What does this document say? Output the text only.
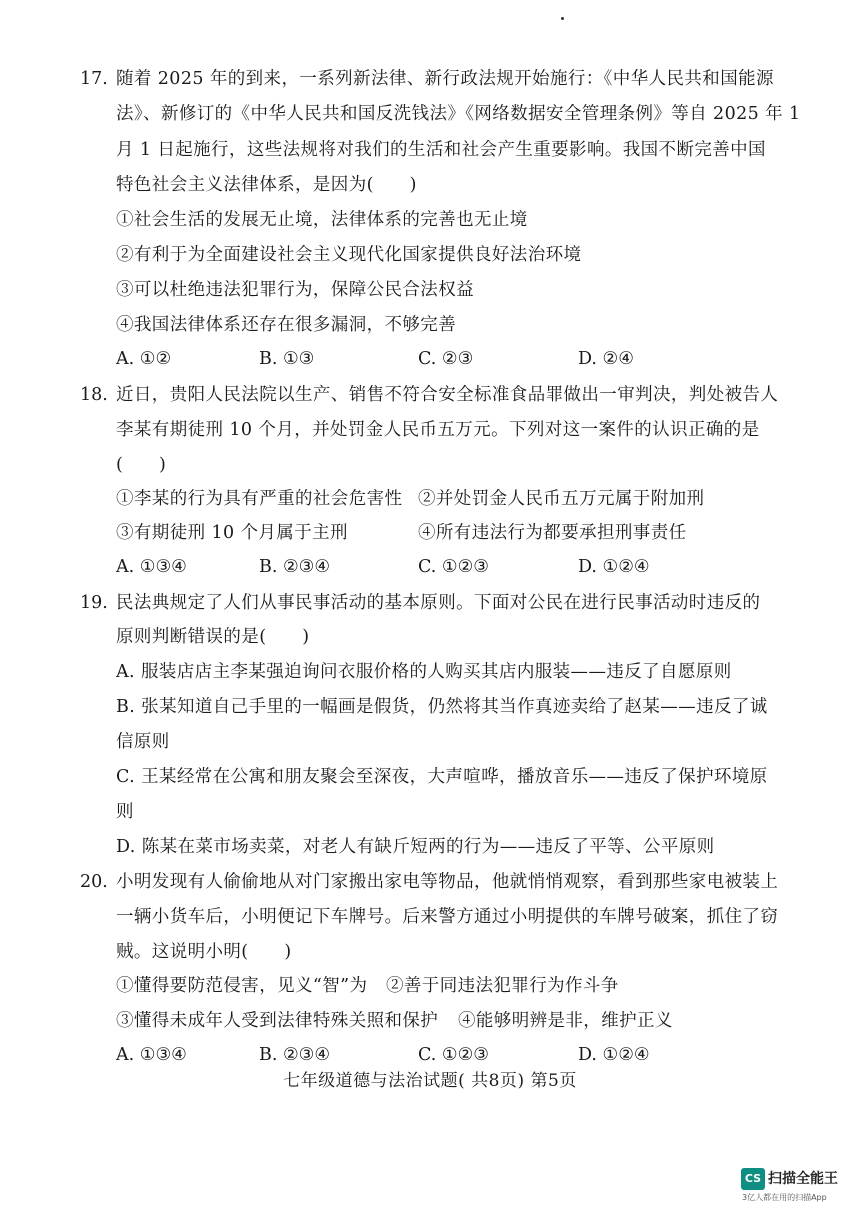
17. 随着 2025 年的到来，一系列新法律、新行政法规开始施行：《中华人民共和国能源
法》、新修订的《中华人民共和国反洗钱法》《网络数据安全管理条例》等自 2025 年 1
月 1 日起施行，这些法规将对我们的生活和社会产生重要影响。我国不断完善中国
特色社会主义法律体系，是因为(　　)
①社会生活的发展无止境，法律体系的完善也无止境
②有利于为全面建设社会主义现代化国家提供良好法治环境
③可以杜绝违法犯罪行为，保障公民合法权益
④我国法律体系还存在很多漏洞，不够完善
A. ①②	B. ①③	C. ②③	D. ②④
18. 近日，贵阳人民法院以生产、销售不符合安全标准食品罪做出一审判决，判处被告人
李某有期徒刑 10 个月，并处罚金人民币五万元。下列对这一案件的认识正确的是
(　　)
①李某的行为具有严重的社会危害性 ②并处罚金人民币五万元属于附加刑
③有期徒刑 10 个月属于主刑	④所有违法行为都要承担刑事责任
A. ①③④	B. ②③④	C. ①②③	D. ①②④
19. 民法典规定了人们从事民事活动的基本原则。下面对公民在进行民事活动时违反的
原则判断错误的是(　　)
A. 服装店店主李某强迫询问衣服价格的人购买其店内服装——违反了自愿原则
B. 张某知道自己手里的一幅画是假货，仍然将其当作真迹卖给了赵某——违反了诚
信原则
C. 王某经常在公寓和朋友聚会至深夜，大声喧哗，播放音乐——违反了保护环境原
则
D. 陈某在菜市场卖菜，对老人有缺斤短两的行为——违反了平等、公平原则
20. 小明发现有人偷偷地从对门家搬出家电等物品，他就悄悄观察，看到那些家电被装上
一辆小货车后，小明便记下车牌号。后来警方通过小明提供的车牌号破案，抓住了窃
贼。这说明小明(　　)
①懂得要防范侵害，见义“智”为 ②善于同违法犯罪行为作斗争
③懂得未成年人受到法律特殊关照和保护 ④能够明辨是非，维护正义
A. ①③④	B. ②③④	C. ①②③	D. ①②④
七年级道德与法治试题( 共8页) 第5页
CS 扫描全能王
3亿人都在用的扫描App
